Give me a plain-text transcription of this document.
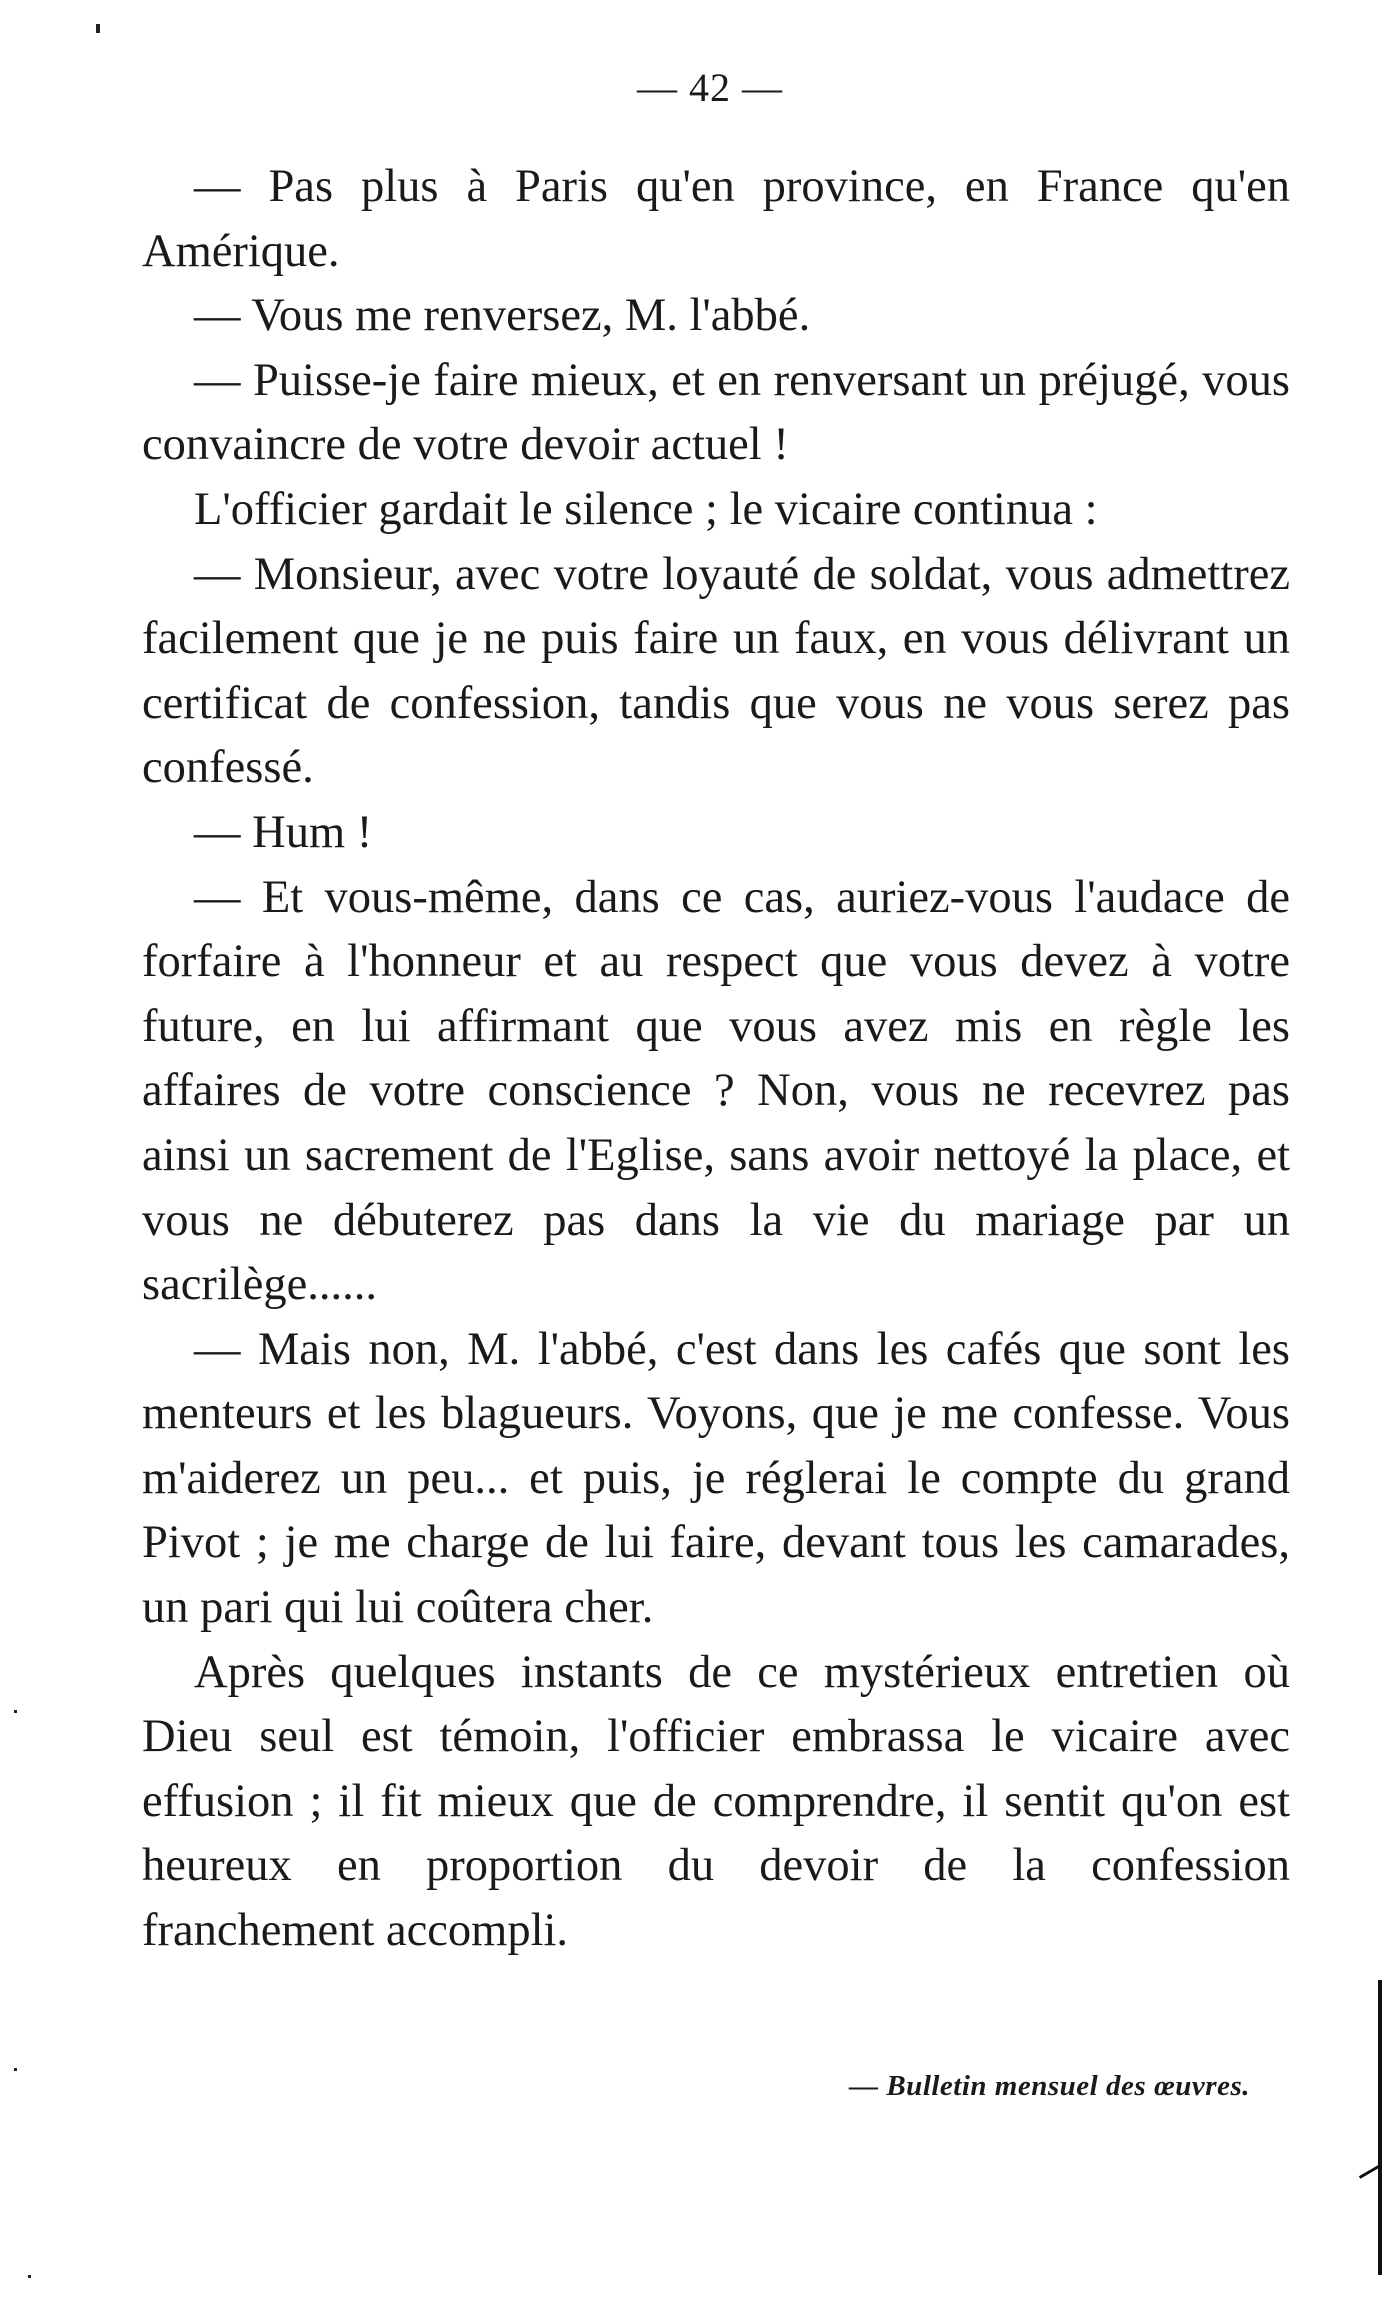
— 42 —

— Pas plus à Paris qu'en province, en France qu'en Amérique.

— Vous me renversez, M. l'abbé.

— Puisse-je faire mieux, et en renversant un préjugé, vous convaincre de votre devoir actuel !

L'officier gardait le silence ; le vicaire continua :

— Monsieur, avec votre loyauté de soldat, vous admettrez facilement que je ne puis faire un faux, en vous délivrant un certificat de confession, tandis que vous ne vous serez pas confessé.

— Hum !

— Et vous-même, dans ce cas, auriez-vous l'audace de forfaire à l'honneur et au respect que vous devez à votre future, en lui affirmant que vous avez mis en règle les affaires de votre conscience ? Non, vous ne recevrez pas ainsi un sacrement de l'Eglise, sans avoir nettoyé la place, et vous ne débuterez pas dans la vie du mariage par un sacrilège......

— Mais non, M. l'abbé, c'est dans les cafés que sont les menteurs et les blagueurs. Voyons, que je me confesse. Vous m'aiderez un peu... et puis, je réglerai le compte du grand Pivot ; je me charge de lui faire, devant tous les camarades, un pari qui lui coûtera cher.

Après quelques instants de ce mystérieux entretien où Dieu seul est témoin, l'officier embrassa le vicaire avec effusion ; il fit mieux que de comprendre, il sentit qu'on est heureux en proportion du devoir de la confession franchement accompli.

— Bulletin mensuel des œuvres.
